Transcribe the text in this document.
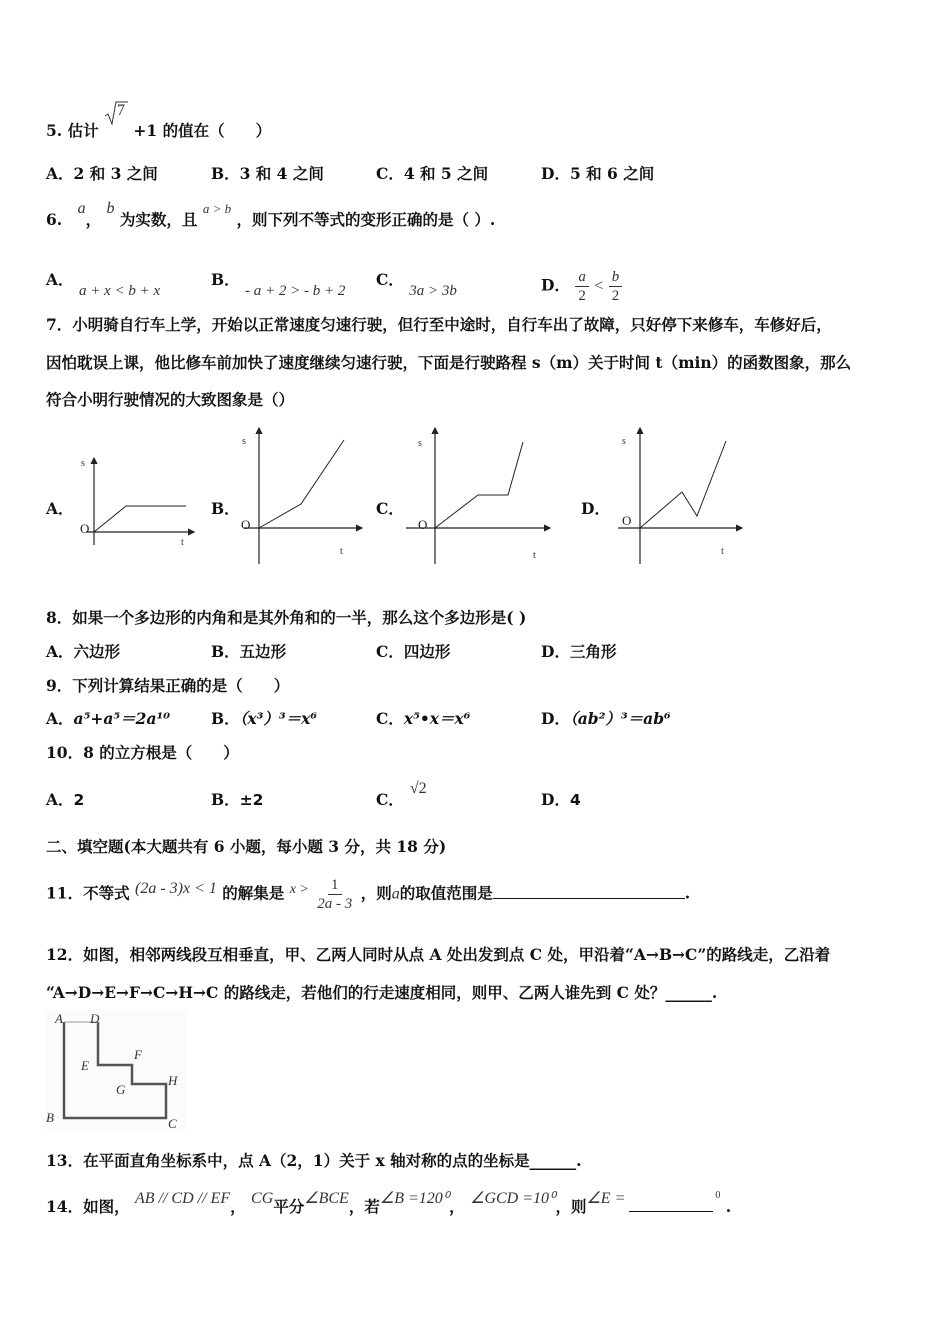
5. 估计
7
+1 的值在（　　）
A．2 和 3 之间	B．3 和 4 之间	C．4 和 5 之间	D．5 和 6 之间
6. a， b 为实数，且 $^{a > b}$ ，则下列不等式的变形正确的是（ ）.
A． a + x < b + x
B． - a + 2 > - b + 2
C． 3a > 3b	D． $\frac{a}{2} < \frac{b}{2}$
7．小明骑自行车上学，开始以正常速度匀速行驶，但行至中途时，自行车出了故障，只好停下来修车，车修好后，
因怕耽误上课，他比修车前加快了速度继续匀速行驶，下面是行驶路程 s（m）关于时间 t（min）的函数图象，那么
符合小明行驶情况的大致图象是（）
A．	B．	C．	D．
s
t
O
s
t
O
s
t
O
s
t
O
8．如果一个多边形的内角和是其外角和的一半，那么这个多边形是( )
A．六边形	B．五边形	C．四边形	D．三角形
9．下列计算结果正确的是（　　）
A．a⁵+a⁵＝2a¹⁰	B．（x³）³＝x⁶	C．x⁵•x＝x⁶	D．（ab²）³＝ab⁶
10．8 的立方根是（　　）
A．2	B．±2	C．√2
D．4
二、填空题(本大题共有 6 小题，每小题 3 分，共 18 分)
11．不等式 (2a - 3)x < 1 的解集是 $x > \frac{1}{2a - 3}$ ，则a的取值范围是	.
12．如图，相邻两线段互相垂直，甲、乙两人同时从点 A 处出发到点 C 处，甲沿着“A→B→C”的路线走，乙沿着
“A→D→E→F→C→H→C 的路线走，若他们的行走速度相同，则甲、乙两人谁先到 C 处？______.
A D
E
F
G
H
B	C
13．在平面直角坐标系中，点 A（2，1）关于 x 轴对称的点的坐标是______.
14．如图， AB // CD // EF， CG平分∠BCE，若∠B =120⁰， ∠GCD =10⁰，则∠E =	$^0$ .
